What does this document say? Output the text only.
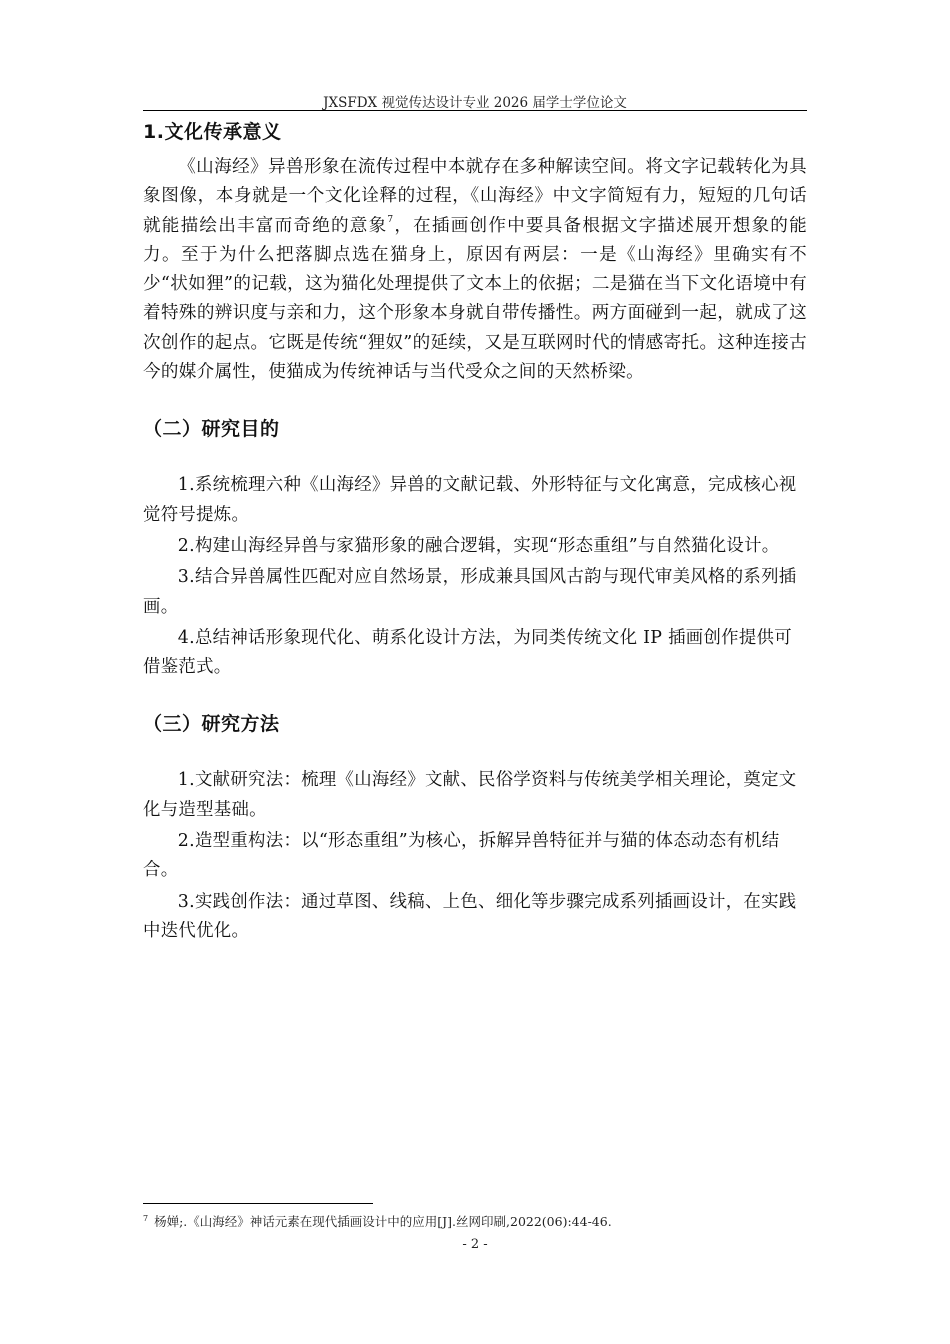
JXSFDX 视觉传达设计专业 2026 届学士学位论文
1.文化传承意义

《山海经》异兽形象在流传过程中本就存在多种解读空间。将文字记载转化为具象图像，本身就是一个文化诠释的过程，《山海经》中文字简短有力，短短的几句话就能描绘出丰富而奇绝的意象$^7$，在插画创作中要具备根据文字描述展开想象的能力。至于为什么把落脚点选在猫身上，原因有两层：一是《山海经》里确实有不少“状如狸”的记载，这为猫化处理提供了文本上的依据；二是猫在当下文化语境中有着特殊的辨识度与亲和力，这个形象本身就自带传播性。两方面碰到一起，就成了这次创作的起点。它既是传统“狸奴”的延续，又是互联网时代的情感寄托。这种连接古今的媒介属性，使猫成为传统神话与当代受众之间的天然桥梁。

（二）研究目的

1.系统梳理六种《山海经》异兽的文献记载、外形特征与文化寓意，完成核心视觉符号提炼。

2.构建山海经异兽与家猫形象的融合逻辑，实现“形态重组”与自然猫化设计。

3.结合异兽属性匹配对应自然场景，形成兼具国风古韵与现代审美风格的系列插画。

4.总结神话形象现代化、萌系化设计方法，为同类传统文化 IP 插画创作提供可借鉴范式。

（三）研究方法

1.文献研究法：梳理《山海经》文献、民俗学资料与传统美学相关理论，奠定文化与造型基础。

2.造型重构法：以“形态重组”为核心，拆解异兽特征并与猫的体态动态有机结合。

3.实践创作法：通过草图、线稿、上色、细化等步骤完成系列插画设计，在实践中迭代优化。

$^7$ 杨婵;.《山海经》神话元素在现代插画设计中的应用[J].丝网印刷,2022(06):44-46.
- 2 -
